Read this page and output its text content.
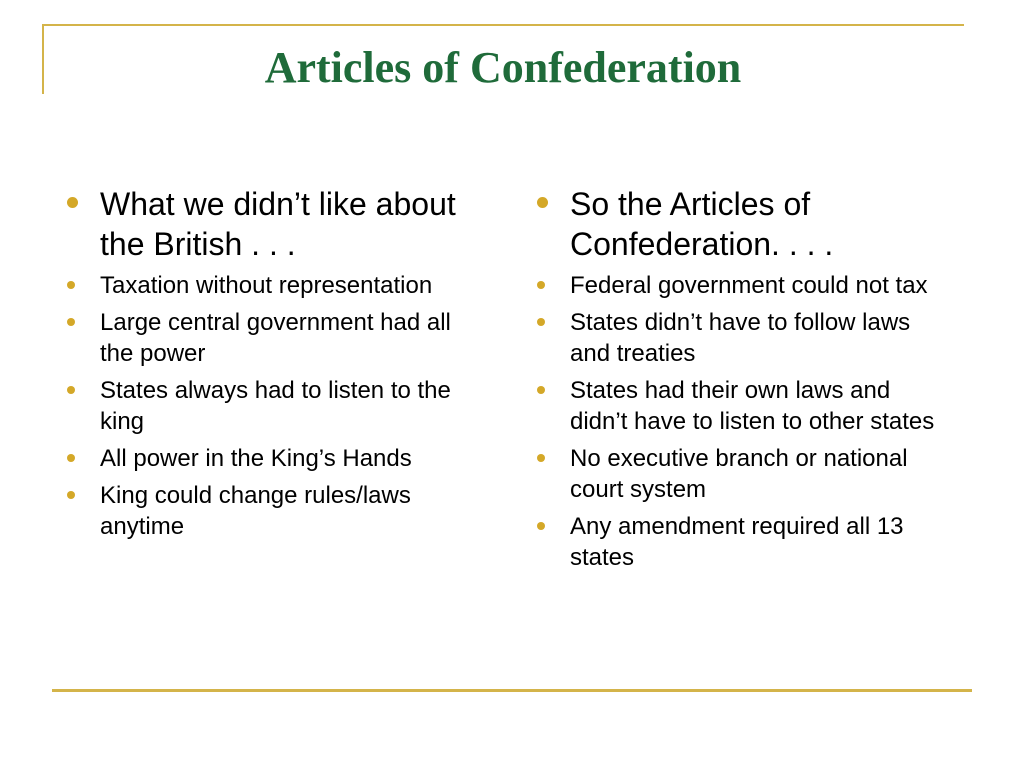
Articles of Confederation
What we didn’t like about the British . . .
Taxation without representation
Large central government had all the power
States always had to listen to the king
All power in the King’s Hands
King could change rules/laws anytime
So the Articles of Confederation. . . .
Federal government could not tax
States didn’t have to follow laws and treaties
States had their own laws and didn’t have to listen to other states
No executive branch or national court system
Any amendment required all 13 states
